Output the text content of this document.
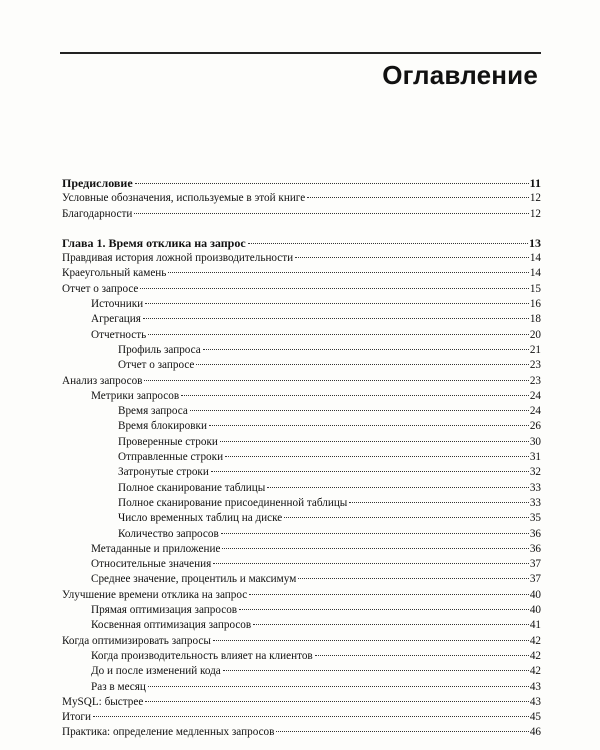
Оглавление
Предисловие	11
Условные обозначения, используемые в этой книге	12
Благодарности	12
Глава 1. Время отклика на запрос	13
Правдивая история ложной производительности	14
Краеугольный камень	14
Отчет о запросе	15
Источники	16
Агрегация	18
Отчетность	20
Профиль запроса	21
Отчет о запросе	23
Анализ запросов	23
Метрики запросов	24
Время запроса	24
Время блокировки	26
Проверенные строки	30
Отправленные строки	31
Затронутые строки	32
Полное сканирование таблицы	33
Полное сканирование присоединенной таблицы	33
Число временных таблиц на диске	35
Количество запросов	36
Метаданные и приложение	36
Относительные значения	37
Среднее значение, процентиль и максимум	37
Улучшение времени отклика на запрос	40
Прямая оптимизация запросов	40
Косвенная оптимизация запросов	41
Когда оптимизировать запросы	42
Когда производительность влияет на клиентов	42
До и после изменений кода	42
Раз в месяц	43
MySQL: быстрее	43
Итоги	45
Практика: определение медленных запросов	46
